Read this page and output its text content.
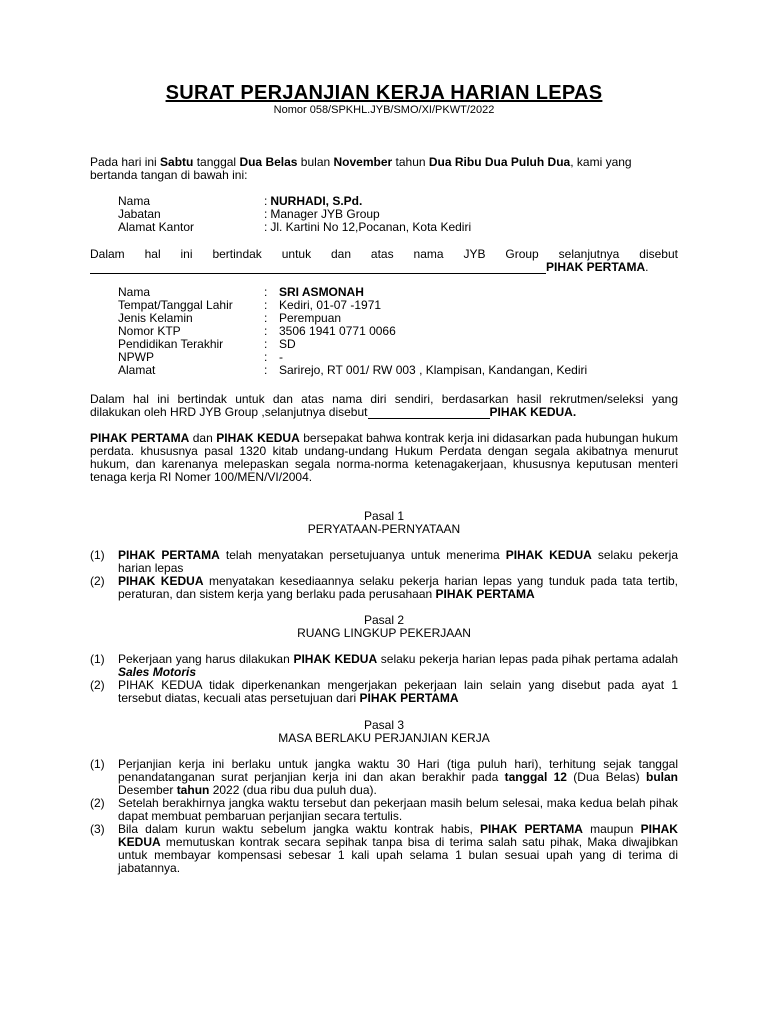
SURAT PERJANJIAN KERJA HARIAN LEPAS
Nomor 058/SPKHL.JYB/SMO/XI/PKWT/2022
Pada hari ini Sabtu tanggal Dua Belas bulan November tahun Dua Ribu Dua Puluh Dua, kami yang
bertanda tangan di bawah ini:
Nama	: NURHADI, S.Pd.
Jabatan	: Manager JYB Group
Alamat Kantor	: Jl. Kartini No 12,Pocanan, Kota Kediri
Dalam hal ini bertindak untuk dan atas nama JYB Group selanjutnya disebut
PIHAK PERTAMA .
Nama	: SRI ASMONAH
Tempat/Tanggal Lahir	: Kediri, 01-07 -1971
Jenis Kelamin	: Perempuan
Nomor KTP	: 3506 1941 0771 0066
Pendidikan Terakhir	: SD
NPWP	: -
Alamat	: Sarirejo, RT 001/ RW 003 , Klampisan, Kandangan, Kediri
Dalam hal ini bertindak untuk dan atas nama diri sendiri, berdasarkan hasil rekrutmen/seleksi yang
dilakukan oleh HRD JYB Group ,selanjutnya disebut	PIHAK KEDUA.
PIHAK PERTAMA dan PIHAK KEDUA bersepakat bahwa kontrak kerja ini didasarkan pada hubungan hukum perdata. khususnya pasal 1320 kitab undang-undang Hukum Perdata dengan segala akibatnya menurut hukum, dan karenanya melepaskan segala norma-norma ketenagakerjaan, khususnya keputusan menteri tenaga kerja RI Nomer 100/MEN/VI/2004.
Pasal 1
PERYATAAN-PERNYATAAN
(1)	PIHAK PERTAMA telah menyatakan persetujuanya untuk menerima PIHAK KEDUA selaku pekerja harian lepas
(2)	PIHAK KEDUA menyatakan kesediaannya selaku pekerja harian lepas yang tunduk pada tata tertib, peraturan, dan sistem kerja yang berlaku pada perusahaan PIHAK PERTAMA
Pasal 2
RUANG LINGKUP PEKERJAAN
(1)	Pekerjaan yang harus dilakukan PIHAK KEDUA selaku pekerja harian lepas pada pihak pertama adalah Sales Motoris
(2)	PIHAK KEDUA tidak diperkenankan mengerjakan pekerjaan lain selain yang disebut pada ayat 1 tersebut diatas, kecuali atas persetujuan dari PIHAK PERTAMA
Pasal 3
MASA BERLAKU PERJANJIAN KERJA
(1)	Perjanjian kerja ini berlaku untuk jangka waktu 30 Hari (tiga puluh hari), terhitung sejak tanggal penandatanganan surat perjanjian kerja ini dan akan berakhir pada tanggal 12 (Dua Belas) bulan Desember tahun 2022 (dua ribu dua puluh dua).
(2)	Setelah berakhirnya jangka waktu tersebut dan pekerjaan masih belum selesai, maka kedua belah pihak dapat membuat pembaruan perjanjian secara tertulis.
(3)	Bila dalam kurun waktu sebelum jangka waktu kontrak habis, PIHAK PERTAMA maupun PIHAK KEDUA memutuskan kontrak secara sepihak tanpa bisa di terima salah satu pihak, Maka diwajibkan untuk membayar kompensasi sebesar 1 kali upah selama 1 bulan sesuai upah yang di terima di jabatannya.
